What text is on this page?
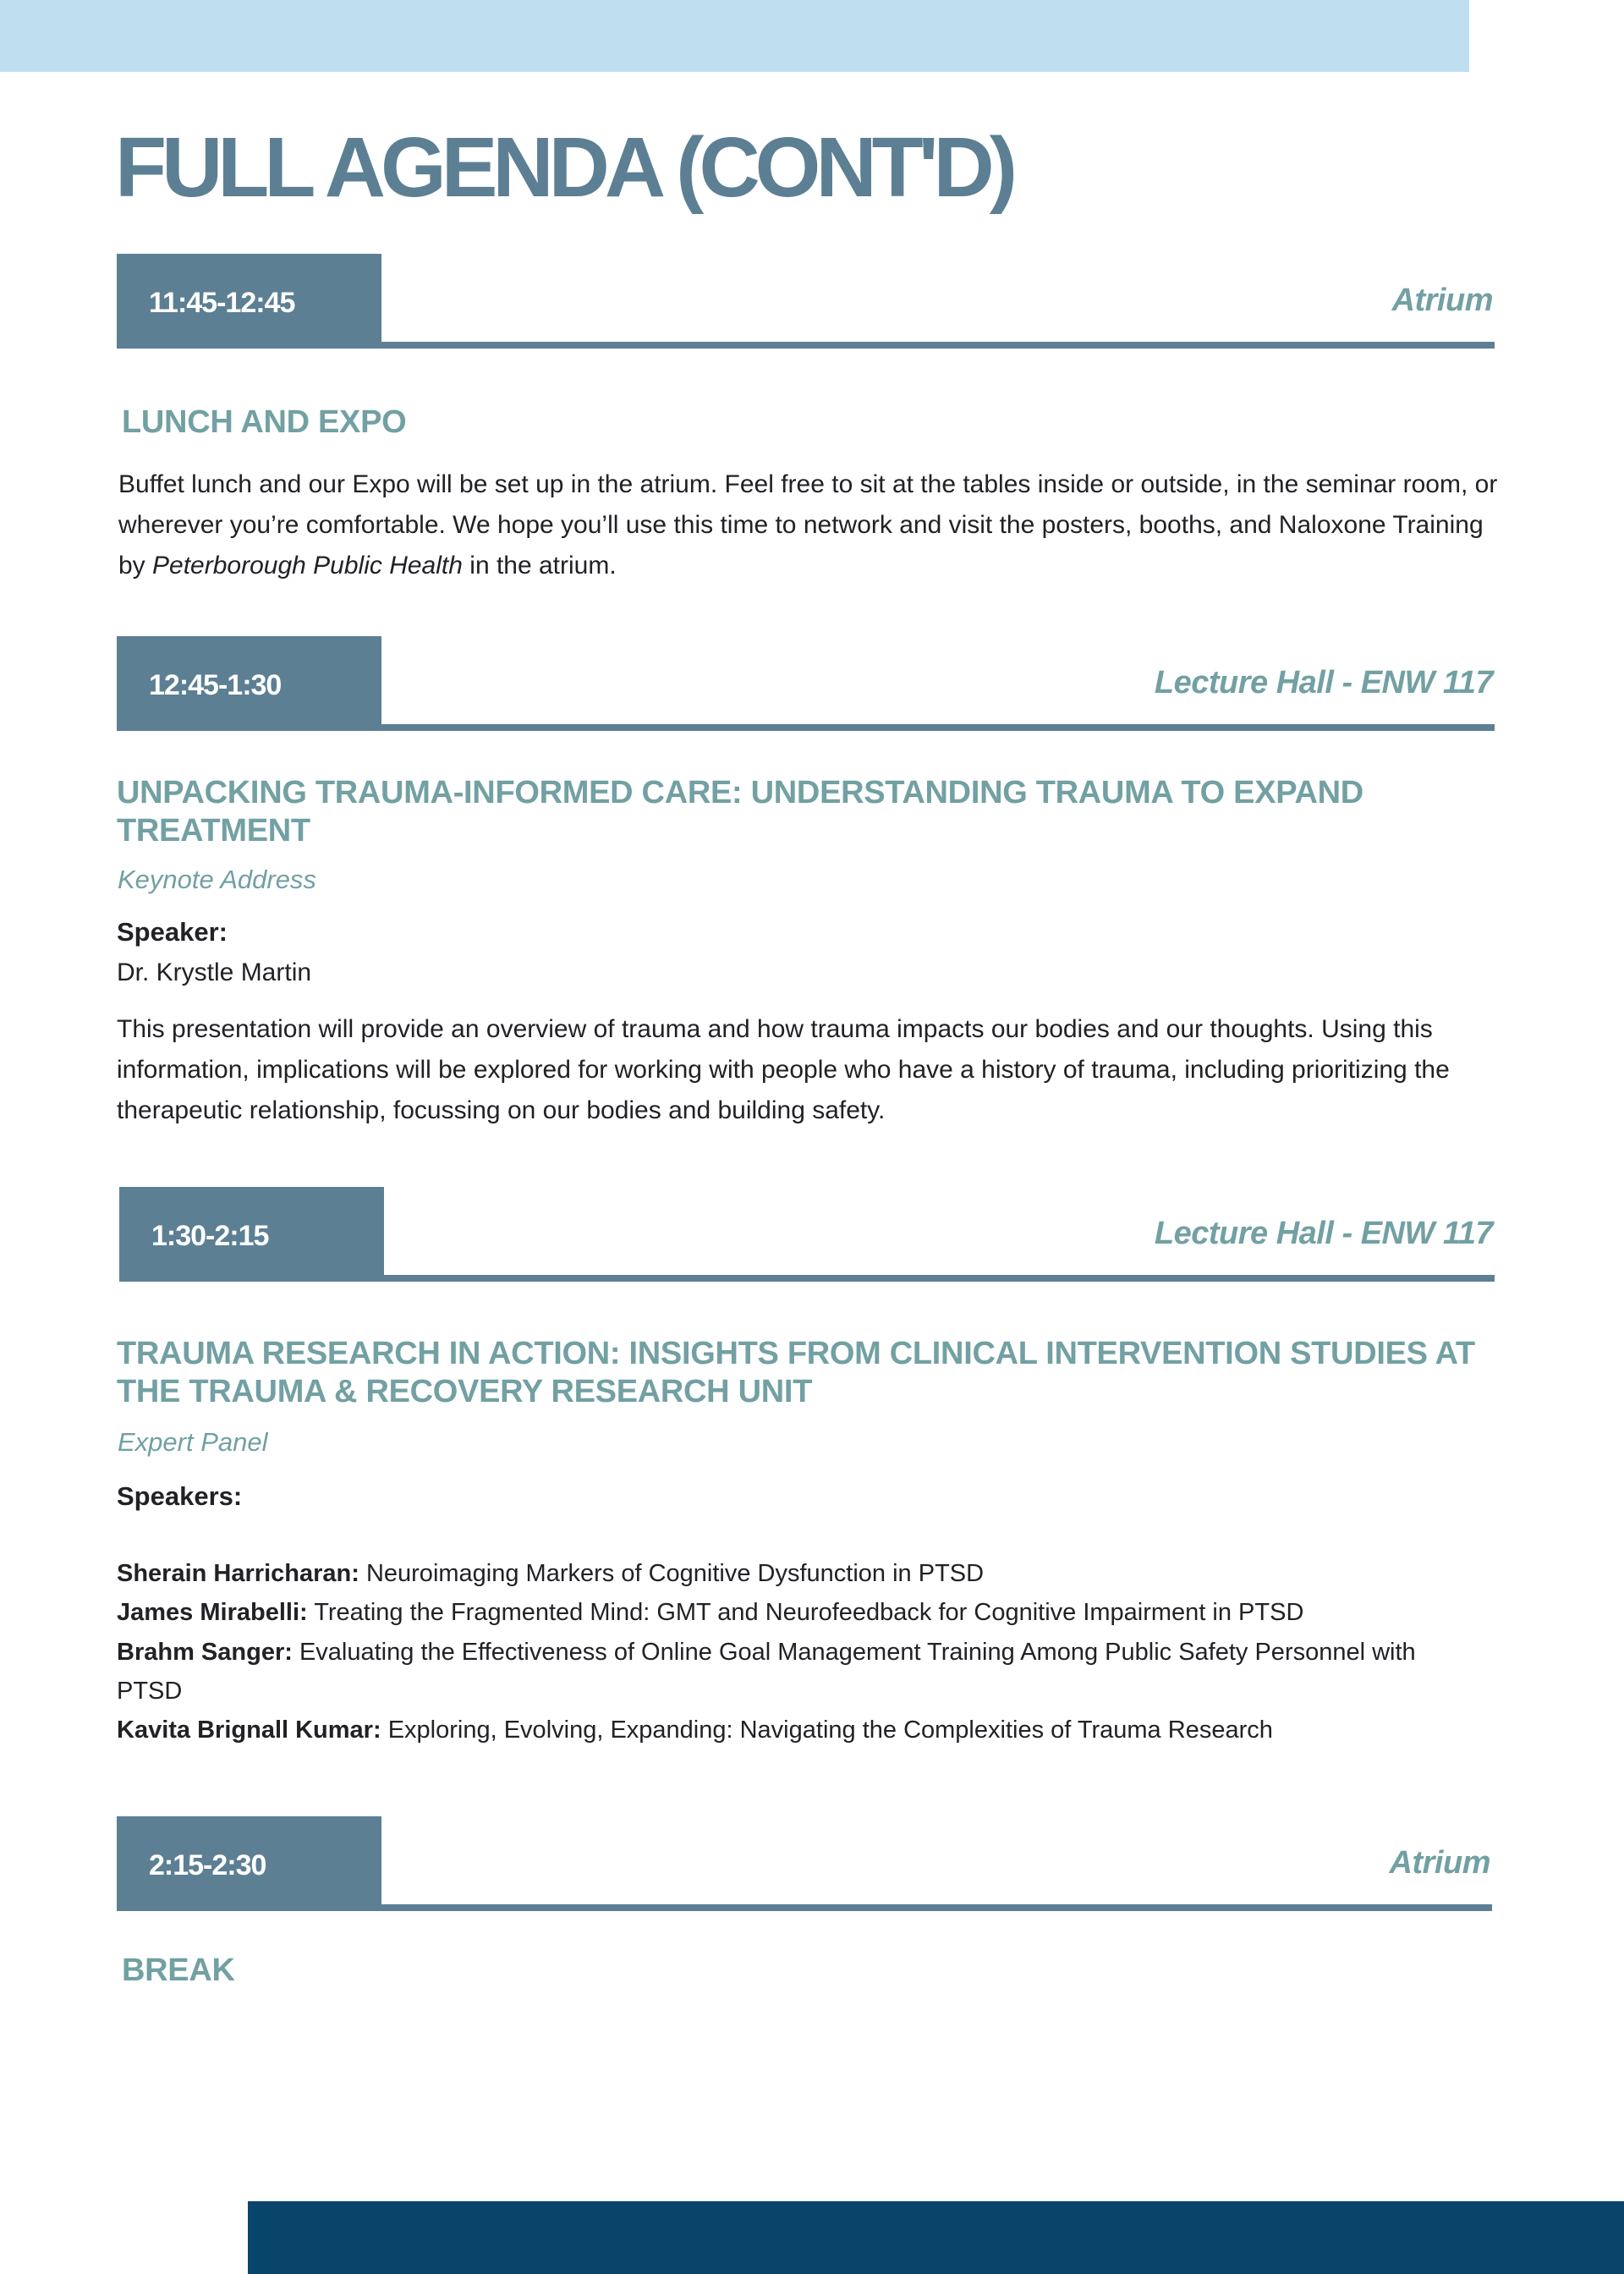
FULL AGENDA (CONT'D)
11:45-12:45	Atrium
LUNCH AND EXPO

Buffet lunch and our Expo will be set up in the atrium. Feel free to sit at the tables inside or outside, in the seminar room, or wherever you’re comfortable. We hope you’ll use this time to network and visit the posters, booths, and Naloxone Training by Peterborough Public Health in the atrium.

12:45-1:30	Lecture Hall - ENW 117
UNPACKING TRAUMA-INFORMED CARE: UNDERSTANDING TRAUMA TO EXPAND TREATMENT
Keynote Address
Speaker:
Dr. Krystle Martin

This presentation will provide an overview of trauma and how trauma impacts our bodies and our thoughts. Using this information, implications will be explored for working with people who have a history of trauma, including prioritizing the therapeutic relationship, focussing on our bodies and building safety.

1:30-2:15	Lecture Hall - ENW 117
TRAUMA RESEARCH IN ACTION: INSIGHTS FROM CLINICAL INTERVENTION STUDIES AT THE TRAUMA & RECOVERY RESEARCH UNIT
Expert Panel
Speakers:
Sherain Harricharan: Neuroimaging Markers of Cognitive Dysfunction in PTSD
James Mirabelli: Treating the Fragmented Mind: GMT and Neurofeedback for Cognitive Impairment in PTSD
Brahm Sanger: Evaluating the Effectiveness of Online Goal Management Training Among Public Safety Personnel with PTSD
Kavita Brignall Kumar: Exploring, Evolving, Expanding: Navigating the Complexities of Trauma Research
2:15-2:30	Atrium
BREAK
